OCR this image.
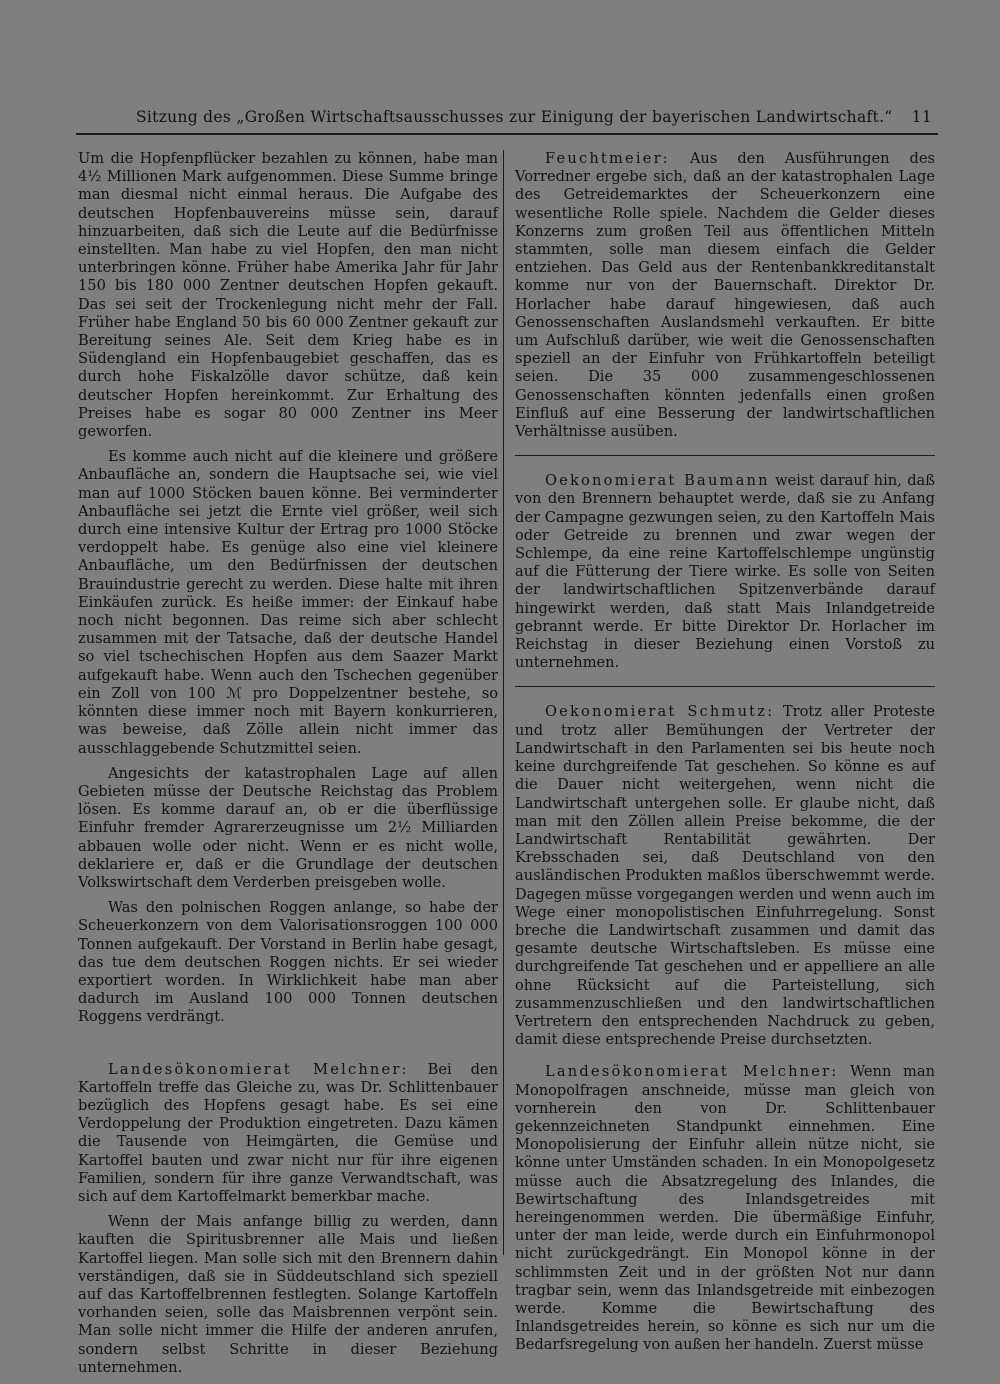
Sitzung des „Großen Wirtschaftsausschusses zur Einigung der bayerischen Landwirtschaft.“ 11

Um die Hopfenpflücker bezahlen zu können, habe man 4½ Millionen Mark aufgenommen. Diese Summe bringe man diesmal nicht einmal heraus. Die Aufgabe des deutschen Hopfenbauvereins müsse sein, darauf hinzuarbeiten, daß sich die Leute auf die Bedürfnisse einstellten. Man habe zu viel Hopfen, den man nicht unterbringen könne. Früher habe Amerika Jahr für Jahr 150 bis 180 000 Zentner deutschen Hopfen gekauft. Das sei seit der Trockenlegung nicht mehr der Fall. Früher habe England 50 bis 60 000 Zentner gekauft zur Bereitung seines Ale. Seit dem Krieg habe es in Südengland ein Hopfenbaugebiet geschaffen, das es durch hohe Fiskalzölle davor schütze, daß kein deutscher Hopfen hereinkommt. Zur Erhaltung des Preises habe es sogar 80 000 Zentner ins Meer geworfen.

Es komme auch nicht auf die kleinere und größere Anbaufläche an, sondern die Hauptsache sei, wie viel man auf 1000 Stöcken bauen könne. Bei verminderter Anbaufläche sei jetzt die Ernte viel größer, weil sich durch eine intensive Kultur der Ertrag pro 1000 Stöcke verdoppelt habe. Es genüge also eine viel kleinere Anbaufläche, um den Bedürfnissen der deutschen Brauindustrie gerecht zu werden. Diese halte mit ihren Einkäufen zurück. Es heiße immer: der Einkauf habe noch nicht begonnen. Das reime sich aber schlecht zusammen mit der Tatsache, daß der deutsche Handel so viel tschechischen Hopfen aus dem Saazer Markt aufgekauft habe. Wenn auch den Tschechen gegenüber ein Zoll von 100 ℳ pro Doppelzentner bestehe, so könnten diese immer noch mit Bayern konkurrieren, was beweise, daß Zölle allein nicht immer das ausschlaggebende Schutzmittel seien.

Angesichts der katastrophalen Lage auf allen Gebieten müsse der Deutsche Reichstag das Problem lösen. Es komme darauf an, ob er die überflüssige Einfuhr fremder Agrarerzeugnisse um 2½ Milliarden abbauen wolle oder nicht. Wenn er es nicht wolle, deklariere er, daß er die Grundlage der deutschen Volkswirtschaft dem Verderben preisgeben wolle.

Was den polnischen Roggen anlange, so habe der Scheuerkonzern von dem Valorisationsroggen 100 000 Tonnen aufgekauft. Der Vorstand in Berlin habe gesagt, das tue dem deutschen Roggen nichts. Er sei wieder exportiert worden. In Wirklichkeit habe man aber dadurch im Ausland 100 000 Tonnen deutschen Roggens verdrängt.

Landesökonomierat Melchner: Bei den Kartoffeln treffe das Gleiche zu, was Dr. Schlittenbauer bezüglich des Hopfens gesagt habe. Es sei eine Verdoppelung der Produktion eingetreten. Dazu kämen die Tausende von Heimgärten, die Gemüse und Kartoffel bauten und zwar nicht nur für ihre eigenen Familien, sondern für ihre ganze Verwandtschaft, was sich auf dem Kartoffelmarkt bemerkbar mache.

Wenn der Mais anfange billig zu werden, dann kauften die Spiritusbrenner alle Mais und ließen Kartoffel liegen. Man solle sich mit den Brennern dahin verständigen, daß sie in Süddeutschland sich speziell auf das Kartoffelbrennen festlegten. Solange Kartoffeln vorhanden seien, solle das Maisbrennen verpönt sein. Man solle nicht immer die Hilfe der anderen anrufen, sondern selbst Schritte in dieser Beziehung unternehmen.

Feuchtmeier: Aus den Ausführungen des Vorredner ergebe sich, daß an der katastrophalen Lage des Getreidemarktes der Scheuerkonzern eine wesentliche Rolle spiele. Nachdem die Gelder dieses Konzerns zum großen Teil aus öffentlichen Mitteln stammten, solle man diesem einfach die Gelder entziehen. Das Geld aus der Rentenbankkreditanstalt komme nur von der Bauernschaft. Direktor Dr. Horlacher habe darauf hingewiesen, daß auch Genossenschaften Auslandsmehl verkauften. Er bitte um Aufschluß darüber, wie weit die Genossenschaften speziell an der Einfuhr von Frühkartoffeln beteiligt seien. Die 35 000 zusammengeschlossenen Genossenschaften könnten jedenfalls einen großen Einfluß auf eine Besserung der landwirtschaftlichen Verhältnisse ausüben.

Oekonomierat Baumann weist darauf hin, daß von den Brennern behauptet werde, daß sie zu Anfang der Campagne gezwungen seien, zu den Kartoffeln Mais oder Getreide zu brennen und zwar wegen der Schlempe, da eine reine Kartoffelschlempe ungünstig auf die Fütterung der Tiere wirke. Es solle von Seiten der landwirtschaftlichen Spitzenverbände darauf hingewirkt werden, daß statt Mais Inlandgetreide gebrannt werde. Er bitte Direktor Dr. Horlacher im Reichstag in dieser Beziehung einen Vorstoß zu unternehmen.

Oekonomierat Schmutz: Trotz aller Proteste und trotz aller Bemühungen der Vertreter der Landwirtschaft in den Parlamenten sei bis heute noch keine durchgreifende Tat geschehen. So könne es auf die Dauer nicht weitergehen, wenn nicht die Landwirtschaft untergehen solle. Er glaube nicht, daß man mit den Zöllen allein Preise bekomme, die der Landwirtschaft Rentabilität gewährten. Der Krebsschaden sei, daß Deutschland von den ausländischen Produkten maßlos überschwemmt werde. Dagegen müsse vorgegangen werden und wenn auch im Wege einer monopolistischen Einfuhrregelung. Sonst breche die Landwirtschaft zusammen und damit das gesamte deutsche Wirtschaftsleben. Es müsse eine durchgreifende Tat geschehen und er appelliere an alle ohne Rücksicht auf die Parteistellung, sich zusammenzuschließen und den landwirtschaftlichen Vertretern den entsprechenden Nachdruck zu geben, damit diese entsprechende Preise durchsetzten.

Landesökonomierat Melchner: Wenn man Monopolfragen anschneide, müsse man gleich von vornherein den von Dr. Schlittenbauer gekennzeichneten Standpunkt einnehmen. Eine Monopolisierung der Einfuhr allein nütze nicht, sie könne unter Umständen schaden. In ein Monopolgesetz müsse auch die Absatzregelung des Inlandes, die Bewirtschaftung des Inlandsgetreides mit hereingenommen werden. Die übermäßige Einfuhr, unter der man leide, werde durch ein Einfuhrmonopol nicht zurückgedrängt. Ein Monopol könne in der schlimmsten Zeit und in der größten Not nur dann tragbar sein, wenn das Inlandsgetreide mit einbezogen werde. Komme die Bewirtschaftung des Inlandsgetreides herein, so könne es sich nur um die Bedarfsregelung von außen her handeln. Zuerst müsse
